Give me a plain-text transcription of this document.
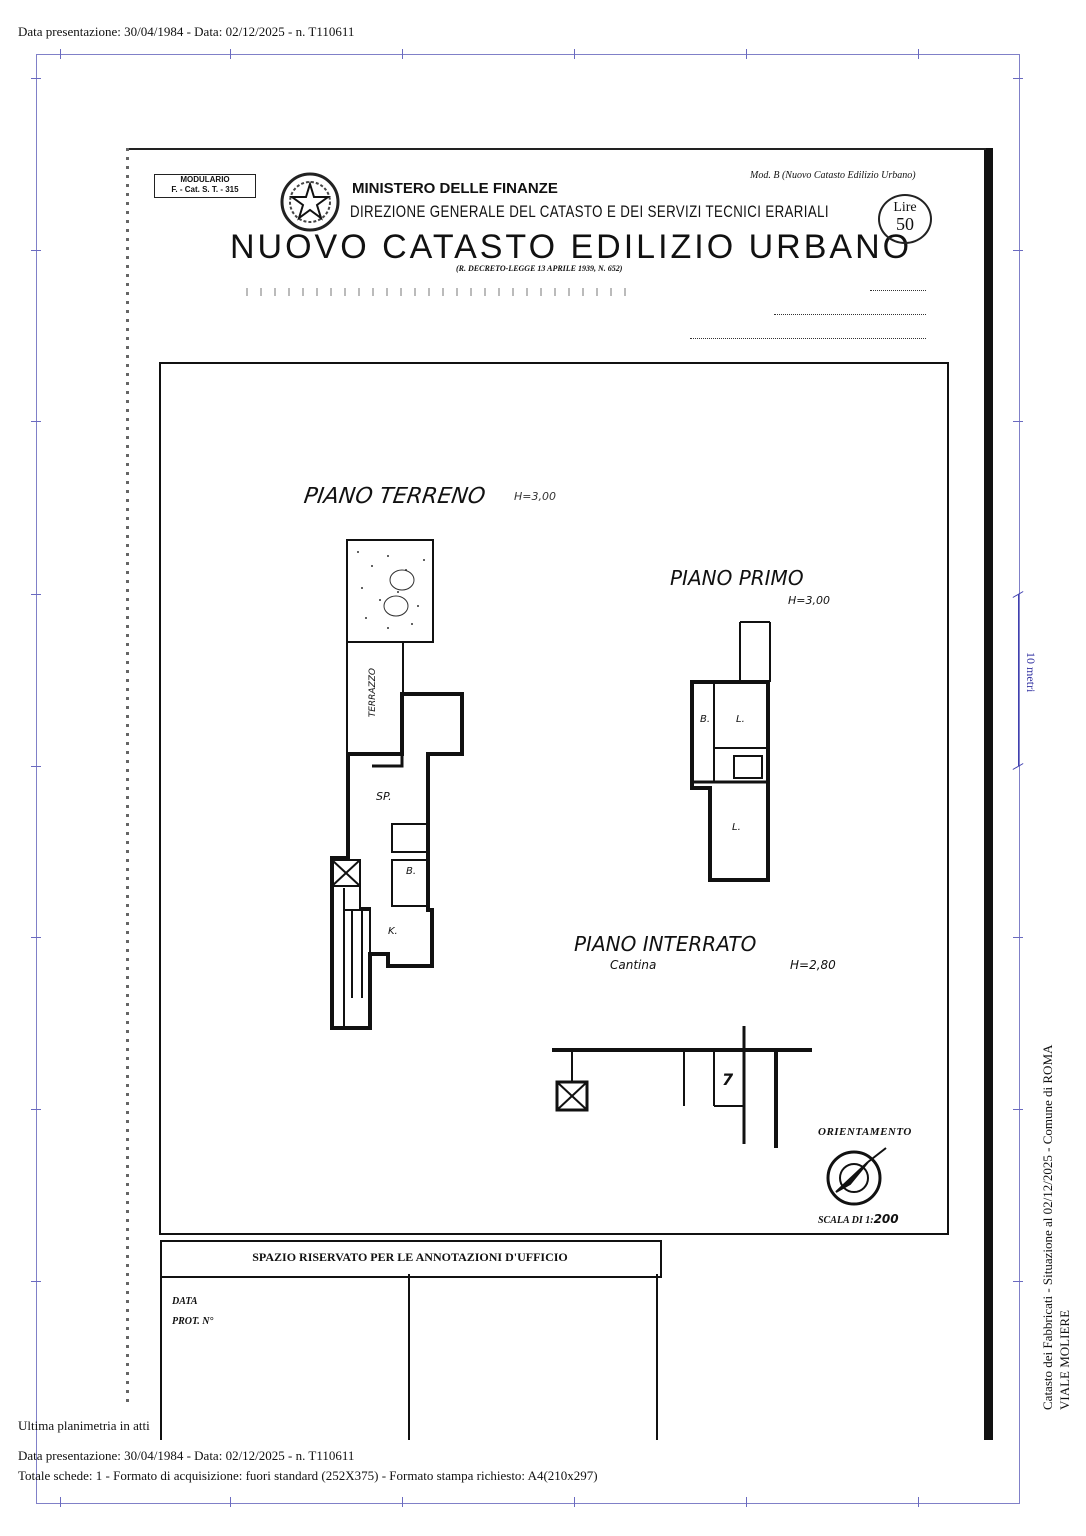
Data presentazione: 30/04/1984 - Data: 02/12/2025 - n. T110611
10 metri
Catasto dei Fabbricati - Situazione al 02/12/2025 - Comune di ROMA VIALE MOLIERE
MODULARIO
F. - Cat. S. T. - 315	MINISTERO DELLE FINANZE
DIREZIONE GENERALE DEL CATASTO E DEI SERVIZI TECNICI ERARIALI
NUOVO CATASTO EDILIZIO URBANO
(R. DECRETO-LEGGE 13 APRILE 1939, N. 652)
Mod. B (Nuovo Catasto Edilizio Urbano)
Lire
50
PIANO TERRENO H=3,00
TERRAZZO
SP.
B.
K.
PIANO PRIMO
H=3,00
B.	L.
L.
PIANO INTERRATO
Cantina	H=2,80
7
ORIENTAMENTO
SCALA DI 1:200
SPAZIO RISERVATO PER LE ANNOTAZIONI D'UFFICIO
DATA
PROT. N°
Ultima planimetria in atti
Data presentazione: 30/04/1984 - Data: 02/12/2025 - n. T110611
Totale schede: 1 - Formato di acquisizione: fuori standard (252X375) - Formato stampa richiesto: A4(210x297)
